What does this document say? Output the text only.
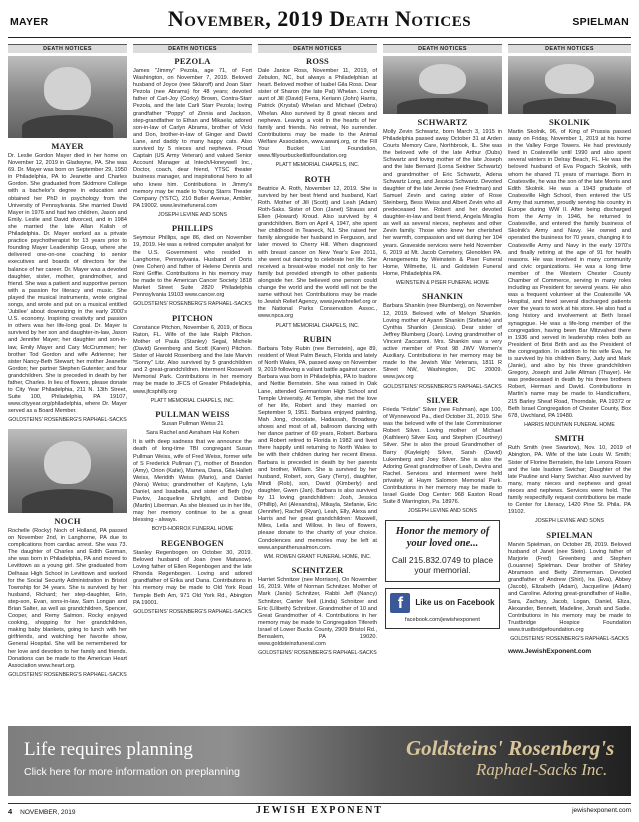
MAYER	November, 2019 Death Notices	SPIELMAN
DEATH NOTICES
MAYER

Dr. Leslie Gordon Mayer died in her home on November 12, 2019 in Gladwyne, PA. She was 69. Dr. Mayer was born on September 29, 1950 in Philadelphia, PA to Jeanette and Charles Gordon. She graduated from Skidmore College with a bachelor's degree in education and obtained her PhD in psychology from the University of Pennsylvania. She married David Mayer in 1976 and had two children, Jason and Emily. Leslie and David divorced, and in 1984 she married the late Allan Kalish of Philadelphia. Dr. Mayer worked as a private practice psychotherapist for 13 years prior to founding Mayer Leadership Group, where she delivered one-on-one coaching to senior executives and boards of directors for the balance of her career. Dr. Mayer was a devoted daughter, sister, mother, grandmother, and friend. She was a patient and supportive person with a passion for literacy and music. She played the musical instruments, wrote original songs, and wrote and put on a musical entitled 'Jubilee' about downsizing in the early 2000's U.S. economy. Inspiring creativity and passion in others was her life-long goal. Dr. Mayer is survived by her son and daughter-in-law, Jason and Jennifer Mayer; her daughter and son-in-law, Emily Mayer and Cary McCrummen; her brother Tod Gordon and wife Adrienne; her sister Nancy-Beth Stewart; her mother Jeanette Gordon; her partner Stephen Gutenter; and four grandchildren. She is preceded in death by her father, Charles. In lieu of flowers, please donate to City Year Philadelphia, 211 N. 13th Street, Suite 100, Philadelphia, PA 19107, www.cityyear.org/philadelphia, where Dr. Mayer served as a Board Member.

GOLDSTEINS' ROSENBERG'S RAPHAEL-SACKS
NOCH

Rochelle (Rocky) Noch of Holland, PA passed on November 2nd, in Langhorne, PA due to complications from cardiac arrest. She was 73. The daughter of Charles and Edith Garman, she was born in Philadelphia, PA and moved to Levittown as a young girl. She graduated from Delhaas High School in Levittown and worked for the Social Security Administration in Bristol Township for 34 years. She is survived by her husband, Richard; her step-daughter, Erin, step-son, Evan, sons-in-law, Sam Longan and Brian Salter, as well as grandchildren, Spencer, Cooper, and Remy Salmon. Rocky enjoyed cooking, shopping for her grandchildren, making baby blankets, going to lunch with her girlfriends, and watching her favorite show, General Hospital. She will be remembered for her love and devotion to her family and friends. Donations can be made to the American Heart Association www.heart.org.

GOLDSTEINS' ROSENBERG'S RAPHAEL-SACKS
DEATH NOTICES
PEZOLA

James "Jimmy" Pezola, age 71, of Fort Washington, on November 7, 2019. Beloved husband of Joyce (nee Sklaroff) and Joan Starr Pezola (nee Abrams) for 48 years; devoted father of Carl-Joy (Corky) Brown, Contra-Starr Pezola, and the late Carli Starr Pezola; loving grandfather "Poppy" of Zinnia and Jackson, step-grandfather to Ethan and Mikaela; adored son-in-law of Carlyn Abrams, brother of Vicki and Don, brother-in-law of Ginger and David Lane, and daddy to many happy cats. Also survived by 5 nieces and nephews. Proud Captain (US Army Veteran) and valued Senior Account Manager at Intech/Honeywell Inc., Doctor, coach, dear friend, YTSC theater business manager, and inspirational hero to all who knew him. Contributions in Jimmy's memory may be made to Young Starrs Theater Company (YSTC), 210 Butler Avenue, Ambler, PA 19002. www.levinefuneral.com

JOSEPH LEVINE AND SONS
PHILLIPS

Seymour Phillips, age 86, died on November 19, 2019. He was a retired computer analyst for the U.S. Government who resided in Langhorne, Pennsylvania. Husband of Doris (nee Cohen) and father of Helene Dennis and Roni Griffie. Contributions in his memory may be made to the American Cancer Society 1818 Market Street Suite 2820 Philadelphia Pennsylvania 19103 www.cancer.org

GOLDSTEINS' ROSENBERG'S RAPHAEL-SACKS
PITCHON

Constance Pitchon, November 6, 2019, of Boca Raton, FL. Wife of the late Ralph Pitchon. Mother of Paula (Stanley) Segal, Michele (David) Greenberg and Scott (Karen) Pitchon. Sister of Harold Rosenberg and the late Marvin "Sonny" Litz. Also survived by 5 grandchildren and 2 great-grandchildren. Interment Roosevelt Memorial Park. Contributions in her memory may be made to JFCS of Greater Philadelphia, www.jfcsphilly.org

PLATT MEMORIAL CHAPELS, INC.
PULLMAN WEISS

Susan Pullman Weiss 21

Sara Rachel and Avraham Hai Kohen

It is with deep sadness that we announce the death of long-time TBI congregant Susan Pullman Weiss, wife of Fred Weiss, former wife of S Frederick Pullman ("), mother of Brandon (Amy), Orion (Katie), Marnea, Dana, Gila Hallett Weiss, Meridith Weiss (Mario), and Daniel (Nora) Weiss; grandmother of Kaylynn, Lyla Daniel, and Issabella, and sister of Beth (Irv) Pavlov, Jacqueline Ehrlight, and Debbie (Martin) Liberman. As she blessed us in her life, may her memory continue to be a great blessing - always.

BOYD-HORROX FUNERAL HOME
REGENBOGEN

Stanley Regenbogen on October 30, 2019. Beloved husband of Joan (nee Matusow). Loving father of Ellen Regenbogen and the late Rhonda Regenbogen. Loving and adored grandfather of Erika and Dana. Contributions in his memory may be made to Old York Road Temple Beth Am, 971 Old York Rd., Abington PA 19001.

GOLDSTEINS' ROSENBERG'S RAPHAEL-SACKS
DEATH NOTICES
ROSS

Dale Janice Ross, November 11, 2019, of Zebulon, NC, but always a Philadelphian at heart. Beloved mother of Isabel Gila Ross. Dear sister of Sharon (the late Pat) Whelan. Loving aunt of Jill (David) Ferra, Keriann (John) Harris, Patrick (Krystal) Whelan and Michael (Debra) Whelan. Also survived by 8 great nieces and nephews. Leaving a void in the hearts of her family and friends. No retreat, No surrender. Contributions may be made to the Animal Welfare Association, www.awanj.org, or the Fill Your Bucket List Foundation, www.fillyourbucketlistfoundation.org

PLATT MEMORIAL CHAPELS, INC.
ROTH

Beatrice A. Roth, November 12, 2019. She is survived by her best friend and husband, Karl Roth. Mother of Jill (Scott) and Leah (Adam) Roth-Saks. Sister of Don (Janet) Strauss and Ellen (Howard) Kroud. Also survived by 4 grandchildren. Born on April 4, 1947, she spent her childhood in Teaneck, NJ. She raised her family alongside her husband in Ferguson, and later moved to Cherry Hill. When diagnosed with breast cancer on New Year's Eve 2011, she went out dancing to celebrate her life. She received a breast-wise model not only to her family but provided strength to other patients alongside her. She believed one person could change the world and the world will not be the same without her. Contributions may be made to Jewish Relief Agency, www.jewishrelief.org or the National Parks Conservation Assoc., www.npca.org

PLATT MEMORIAL CHAPELS, INC.
RUBIN

Barbara Toby Rubin (nee Bernstein), age 89, resident of West Palm Beach, Florida and lately of North Wales, PA, passed away on November 9, 2019 following a valiant battle against cancer. Barbara was born in Philadelphia, PA to Isadore and Nettie Bernstein. She was raised in Oak Lane, attended Germantown High School and Temple University. At Temple, she met the love of her life, Robert and they married on September 9, 1951. Barbara enjoyed painting, Mah Jong, chocolate, Hadassah, Broadway shows and most of all, ballroom dancing with her dance partner of 69 years, Robert. Barbara and Robert retired to Florida in 1982 and lived there happily until returning to North Wales to be with their children during her recent illness. Barbara is preceded in death by her parents and brother, William. She is survived by her husband, Robert, son, Gary (Terry), daughter, Mindi (Rob), son, David (Kimberly) and daughter, Gwen (Jan). Barbara is also survived by 11 loving grandchildren: Josh, Jessica (Phillip), Ari (Alexandra), Mikayla, Stefanie, Eric (Jennifer), Rachel (Ryan), Leah, Elly, Alexa and Harris and her great grandchildren: Maxwell, Miles, Leila and Willow. In lieu of flowers, please donate to the charity of your choice. Condolences and memories may be left at www.anpantherusalmon.com.

WM. ROWEN GRANT FUNERAL HOME, INC.
SCHNITZER

Harriet Schnitzer (nee Morrison), On November 16, 2019. Wife of Norman Schnitzer. Mother of Mark (Janis) Schnitzer, Rabbi Jeff (Nancy) Schnitzer, Canter Neil (Linda) Schnitzer and Eric (Lilibeth) Schnitzer. Grandmother of 10 and Great Grandmother of 4. Contributions in her memory may be made to Congregation Tifereth Israel of Lower Bucks County, 2909 Bristol Rd., Bensalem, PA 19020. www.goldsteinsfuneral.com

GOLDSTEINS' ROSENBERG'S RAPHAEL-SACKS
DEATH NOTICES
SCHWARTZ

Molly Zevin Schwartz, born March 3, 1915 in Philadelphia passed away October 31 at Arden Courts Memory Care, Northbrook, IL. She was the beloved wife of the late Arthur (Dubs) Schwartz and loving mother of the late Joseph and the late Bernard (Lorna Seidner Schwartz) and grandmother of Eric Schwartz, Adena Schwartz Long, and Jessica Schwartz. Devoted daughter of the late Jennie (nee Friedman) and Samuel Zevin and caring sister of Rose Steinberg, Bess Weiss and Albert Zevin who all predeceased her. Robert and her devoted daughter-in-law and best friend, Angela Miraglia as well as several nieces, nephews and other Zevin family. Those who knew her cherished her warmth, compassion and wit during her 104 years. Graveside services were held November 6, 2019 at Mt. Jacob Cemetery, Glenolden PA. Arrangements by Weinstein & Piser Funeral Home, Wilmette, IL and Goldstein Funeral Home, Philadelphia PA.

WEINSTEIN & PISER FUNERAL HOME
SHANKIN

Barbara Shankin (nee Blumberg), on November 12, 2019. Beloved wife of Melvyn Shankin. Loving mother of Ayann Shankin (Stefanie) and Cynthia Shankin (Jessica). Dear sister of Jeffrey Blumberg (Joan). Loving grandmother of Vincent Zaccaroni. Mrs. Shankin was a very active member of Post 98 JWV Women's Auxiliary. Contributions in her memory may be made to the Jewish War Veterans, 1811 R Street NW, Washington, DC 20009. www.jwv.org

GOLDSTEINS' ROSENBERG'S RAPHAEL-SACKS
SILVER

Frieda "Fritzie" Silver (nee Fishman), age 100, of Wynnewood Pa., died October 31, 2019. She was the beloved wife of the late Commissioner Robert Silver. Loving mother of Michael (Kathleen) Silver Esq. and Stephen (Courtney) Silver. She is also the proud Grandmother of Barry (Kayleigh) Silver, Sarah (David) Lukemberg and Joey Silver. She is also the Adoring Great grandmother of Leah, Devira and Rachel. Services and interment were held privately at Haym Salomon Memorial Park. Contributions in her memory may be made to Israel Guide Dog Center: 968 Easton Road Suite 8 Warrington, Pa. 18976.

JOSEPH LEVINE AND SONS
Honor the memory of your loved one...
Call 215.832.0749 to place your memorial.
f	Like us on Facebook
facebook.com/jewishexponent
DEATH NOTICES
SKOLNIK

Martin Skolnik, 96, of King of Prussia passed away on Friday, November 1, 2019 at his home in the Valley Forge Towers. He had previously lived in Coatesville until 1990 and also spent several winters in Delray Beach, FL. He was the beloved husband of Eva Pogach Skolnik, with whom he shared 71 years of marriage. Born in Coatesville, he was the son of the late Morris and Edith Skolnik. He was a 1943 graduate of Coatesville High School, then entered the US Army that summer, proudly serving his country in Europe during WW II. After being discharged from the Army in 1946, he returned to Coatesville, and entered the family business of Skolnik's Army and Navy. He owned and operated the business for 70 years, changing it to Coatesville Army and Navy in the early 1970's and finally retiring at the age of 91 for health reasons. He was involved in many community and civic organizations. He was a long time member of the Western Chester County Chamber of Commerce, serving in many roles including as President for several years. He also was a frequent volunteer at the Coatesville VA Hospital, and hired several discharged patients over the years to work at his store. He also had a long history and involvement at Beth Israel synagogue. He was a life-long member of the congregation, having been Bar Mitzvahed there in 1936 and served in leadership roles both as President of Brisi Brith and as the President of the congregation. In addition to his wife Eva, he is survived by his children Barry, Judy and Mark (Janie), and also by his three grandchildren Gregory, Joseph and Julie Altman (Thayer). He was predeceased in death by his three brothers Robert, Herman and David. Contributions in Martin's name may be made to Handicrafters, 215 Barley Sheaf Road, Thorndale, PA 19372 or Beth Israel Congregation of Chester County, Box 678, Uwchland, PA 19480.

HARRIS MOUNTAIN FUNERAL HOME
SMITH

Ruth Smith (nee Swartow), Nov. 10, 2019 of Abington, PA. Wife of the late Louis W. Smith; Sister of Florine Bernstein, the late Lenora Rosen and the late Isadore Swichar; Daughter of the late Pauline and Harry Swichar. Also survived by many, many nieces and nephews and great nieces and nephews. Services were held. The family respectfully request contributions be made to Center for Literacy, 1420 Pine St. Phila. PA 19102.

JOSEPH LEVINE AND SONS
SPIELMAN

Marvin Spielman, on October 28, 2019. Beloved husband of Janet (nee Stein). Loving father of Marjorie (Fred) Greenberg and Stephen (Louanne) Spielman. Dear brother of Shirley Abramson and Betty Zimmerman. Devoted grandfather of Andrew (Shiri), Ira (Eva), Abbey (Jacob), Elizabeth (Adam), Jacqueline (Adam) and Caroline. Adoring great-grandfather of Hallie, Sara, Zachary, Jacob, Logan, Daniel, Eliza, Alexander, Bennett, Madeline, Jonah and Sadie. Contributions in his memory may be made to Trustbridge Hospice Foundation www.trustbridgefoundation.org

GOLDSTEINS' ROSENBERG'S RAPHAEL-SACKS
www.JewishExponent.com
Life requires planning
Click here for more information on preplanning
Goldsteins' Rosenberg's
Raphael-Sacks Inc.
4 NOVEMBER, 2019	JEWISH EXPONENT	jewishexponent.com
